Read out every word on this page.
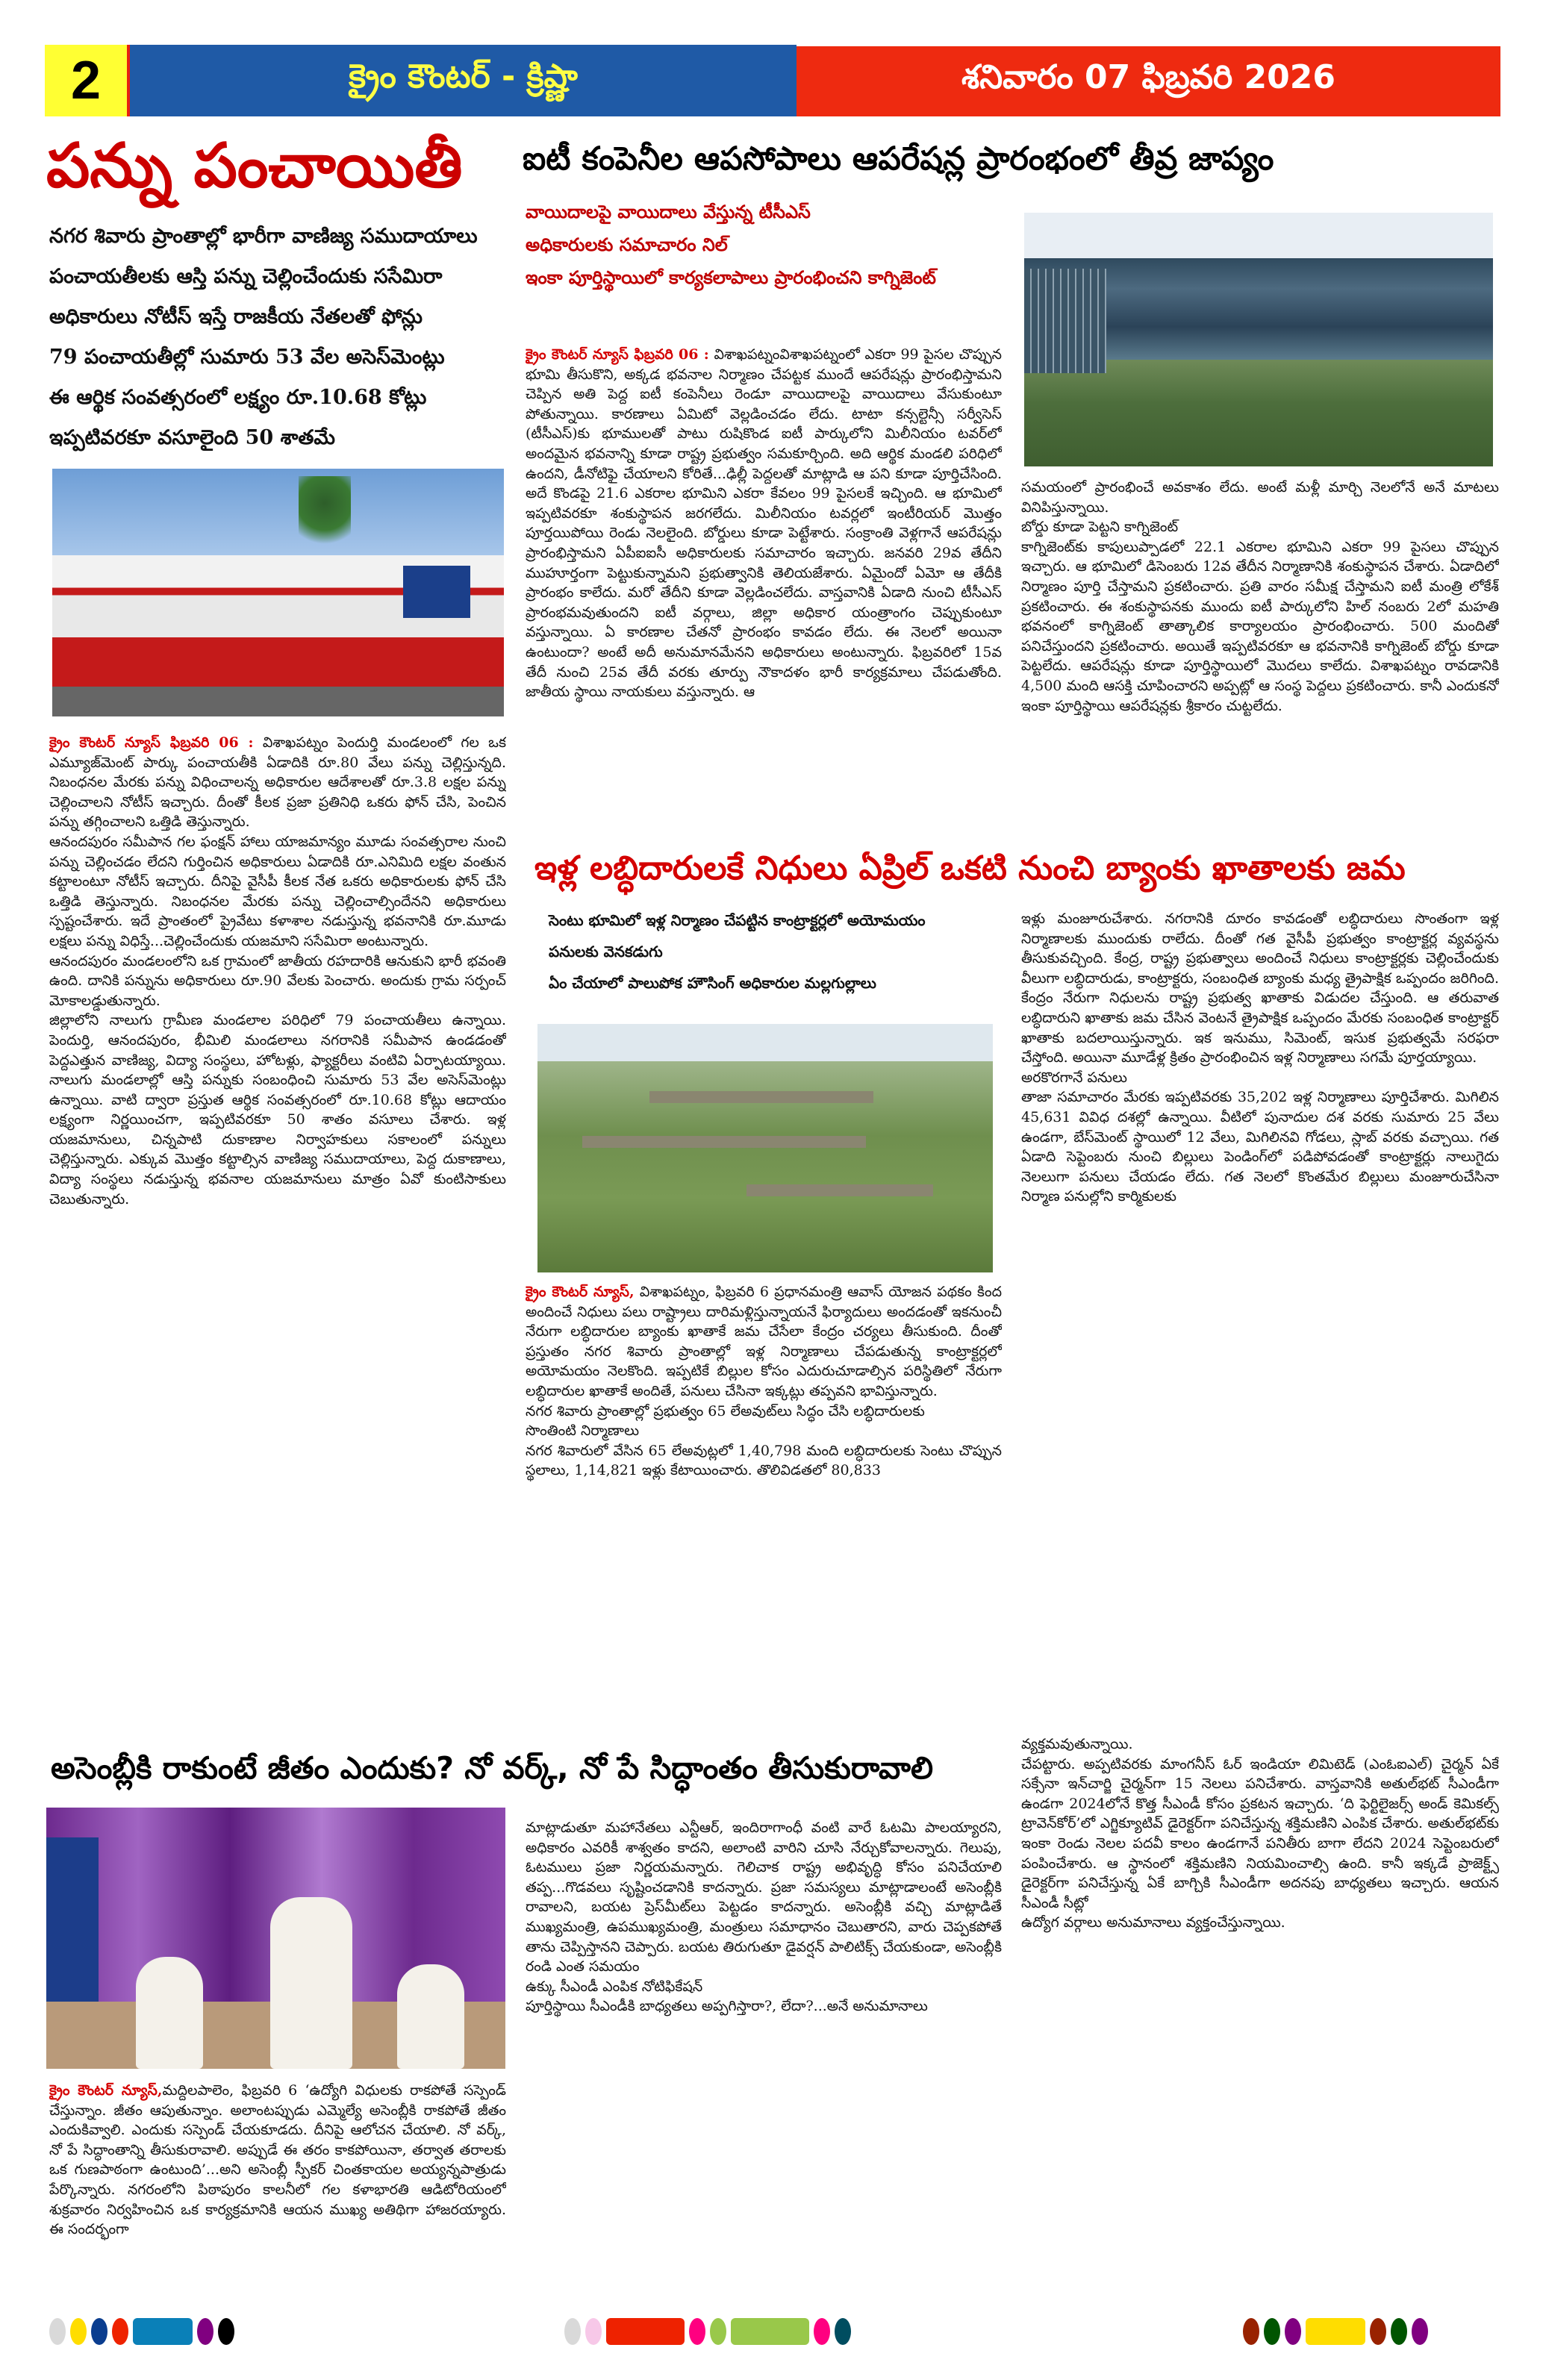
2	క్రైం కౌంటర్ - క్రిష్ణా	శనివారం 07 ఫిబ్రవరి 2026
పన్ను పంచాయితీ
నగర శివారు ప్రాంతాల్లో భారీగా వాణిజ్య సముదాయాలు
పంచాయతీలకు ఆస్తి పన్ను చెల్లించేందుకు ససేమిరా
అధికారులు నోటీస్ ఇస్తే రాజకీయ నేతలతో ఫోన్లు
79 పంచాయతీల్లో సుమారు 53 వేల అసెస్‌మెంట్లు
ఈ ఆర్థిక సంవత్సరంలో లక్ష్యం రూ.10.68 కోట్లు
ఇప్పటివరకూ వసూలైంది 50 శాతమే

క్రైం కౌంటర్ న్యూస్ ఫిబ్రవరి 06 : విశాఖపట్నం పెందుర్తి మండలంలో గల ఒక ఎమ్యూజ్‌మెంట్ పార్కు పంచాయతీకి ఏడాదికి రూ.80 వేలు పన్ను చెల్లిస్తున్నది. నిబంధనల మేరకు పన్ను విధించాలన్న అధికారుల ఆదేశాలతో రూ.3.8 లక్షల పన్ను చెల్లించాలని నోటీస్ ఇచ్చారు. దీంతో కీలక ప్రజా ప్రతినిధి ఒకరు ఫోన్ చేసి, పెంచిన పన్ను తగ్గించాలని ఒత్తిడి తెస్తున్నారు.

ఆనందపురం సమీపాన గల ఫంక్షన్ హాలు యాజమాన్యం మూడు సంవత్సరాల నుంచి పన్ను చెల్లించడం లేదని గుర్తించిన అధికారులు ఏడాదికి రూ.ఎనిమిది లక్షల వంతున కట్టాలంటూ నోటీస్ ఇచ్చారు. దీనిపై వైసీపీ కీలక నేత ఒకరు అధికారులకు ఫోన్ చేసి ఒత్తిడి తెస్తున్నారు. నిబంధనల మేరకు పన్ను చెల్లించాల్సిందేనని అధికారులు స్పష్టంచేశారు. ఇదే ప్రాంతంలో ప్రైవేటు కళాశాల నడుస్తున్న భవనానికి రూ.మూడు లక్షలు పన్ను విధిస్తే...చెల్లించేందుకు యజమాని ససేమిరా అంటున్నారు.

ఆనందపురం మండలంలోని ఒక గ్రామంలో జాతీయ రహదారికి ఆనుకుని భారీ భవంతి ఉంది. దానికి పన్నును అధికారులు రూ.90 వేలకు పెంచారు. అందుకు గ్రామ సర్పంచ్ మోకాలడ్డుతున్నారు.

జిల్లాలోని నాలుగు గ్రామీణ మండలాల పరిధిలో 79 పంచాయతీలు ఉన్నాయి. పెందుర్తి, ఆనందపురం, భీమిలి మండలాలు నగరానికి సమీపాన ఉండడంతో పెద్దఎత్తున వాణిజ్య, విద్యా సంస్థలు, హోటళ్లు, ఫ్యాక్టరీలు వంటివి ఏర్పాటయ్యాయి. నాలుగు మండలాల్లో ఆస్తి పన్నుకు సంబంధించి సుమారు 53 వేల అసెస్‌మెంట్లు ఉన్నాయి. వాటి ద్వారా ప్రస్తుత ఆర్థిక సంవత్సరంలో రూ.10.68 కోట్లు ఆదాయం లక్ష్యంగా నిర్ణయించగా, ఇప్పటివరకూ 50 శాతం వసూలు చేశారు. ఇళ్ల యజమానులు, చిన్నపాటి దుకాణాల నిర్వాహకులు సకాలంలో పన్నులు చెల్లిస్తున్నారు. ఎక్కువ మొత్తం కట్టాల్సిన వాణిజ్య సముదాయాలు, పెద్ద దుకాణాలు, విద్యా సంస్థలు నడుస్తున్న భవనాల యజమానులు మాత్రం ఏవో కుంటిసాకులు చెబుతున్నారు.

ఐటీ కంపెనీల ఆపసోపాలు ఆపరేషన్ల ప్రారంభంలో తీవ్ర జాప్యం
వాయిదాలపై వాయిదాలు వేస్తున్న టీసీఎస్
అధికారులకు సమాచారం నిల్
ఇంకా పూర్తిస్థాయిలో కార్యకలాపాలు ప్రారంభించని కాగ్నిజెంట్

క్రైం కౌంటర్ న్యూస్ ఫిబ్రవరి 06 : విశాఖపట్నంవిశాఖపట్నంలో ఎకరా 99 పైసల చొప్పున భూమి తీసుకొని, అక్కడ భవనాల నిర్మాణం చేపట్టక ముందే ఆపరేషన్లు ప్రారంభిస్తామని చెప్పిన అతి పెద్ద ఐటీ కంపెనీలు రెండూ వాయిదాలపై వాయిదాలు వేసుకుంటూ పోతున్నాయి. కారణాలు ఏమిటో వెల్లడించడం లేదు. టాటా కన్సల్టెన్సీ సర్వీసెస్ (టీసీఎస్)కు భూములతో పాటు రుషికొండ ఐటీ పార్కులోని మిలీనియం టవర్‌లో అందమైన భవనాన్ని కూడా రాష్ట్ర ప్రభుత్వం సమకూర్చింది. అది ఆర్థిక మండలి పరిధిలో ఉందని, డీనోటిఫై చేయాలని కోరితే...ఢిల్లీ పెద్దలతో మాట్లాడి ఆ పని కూడా పూర్తిచేసింది. అదే కొండపై 21.6 ఎకరాల భూమిని ఎకరా కేవలం 99 పైసలకే ఇచ్చింది. ఆ భూమిలో ఇప్పటివరకూ శంకుస్థాపన జరగలేదు. మిలీనియం టవర్లలో ఇంటీరియర్ మొత్తం పూర్తయిపోయి రెండు నెలలైంది. బోర్డులు కూడా పెట్టేశారు. సంక్రాంతి వెళ్లగానే ఆపరేషన్లు ప్రారంభిస్తామని ఏపీఐఐసీ అధికారులకు సమాచారం ఇచ్చారు. జనవరి 29వ తేదీని ముహూర్తంగా పెట్టుకున్నామని ప్రభుత్వానికి తెలియజేశారు. ఏమైందో ఏమో ఆ తేదీకి ప్రారంభం కాలేదు. మరో తేదీని కూడా వెల్లడించలేదు. వాస్తవానికి ఏడాది నుంచి టీసీఎస్ ప్రారంభమవుతుందని ఐటీ వర్గాలు, జిల్లా అధికార యంత్రాంగం చెప్పుకుంటూ వస్తున్నాయి. ఏ కారణాల చేతనో ప్రారంభం కావడం లేదు. ఈ నెలలో అయినా ఉంటుందా? అంటే అదీ అనుమానమేనని అధికారులు అంటున్నారు. ఫిబ్రవరిలో 15వ తేదీ నుంచి 25వ తేదీ వరకు తూర్పు నౌకాదళం భారీ కార్యక్రమాలు చేపడుతోంది. జాతీయ స్థాయి నాయకులు వస్తున్నారు. ఆ

సమయంలో ప్రారంభించే అవకాశం లేదు. అంటే మళ్లీ మార్చి నెలలోనే అనే మాటలు వినిపిస్తున్నాయి.

బోర్డు కూడా పెట్టని కాగ్నిజెంట్

కాగ్నిజెంట్‌కు కాపులుప్పాడలో 22.1 ఎకరాల భూమిని ఎకరా 99 పైసలు చొప్పున ఇచ్చారు. ఆ భూమిలో డిసెంబరు 12వ తేదీన నిర్మాణానికి శంకుస్థాపన చేశారు. ఏడాదిలో నిర్మాణం పూర్తి చేస్తామని ప్రకటించారు. ప్రతి వారం సమీక్ష చేస్తామని ఐటీ మంత్రి లోకేశ్ ప్రకటించారు. ఈ శంకుస్థాపనకు ముందు ఐటీ పార్కులోని హిల్ నంబరు 2లో మహతి భవనంలో కాగ్నిజెంట్ తాత్కాలిక కార్యాలయం ప్రారంభించారు. 500 మందితో పనిచేస్తుందని ప్రకటించారు. అయితే ఇప్పటివరకూ ఆ భవనానికి కాగ్నిజెంట్ బోర్డు కూడా పెట్టలేదు. ఆపరేషన్లు కూడా పూర్తిస్థాయిలో మొదలు కాలేదు. విశాఖపట్నం రావడానికి 4,500 మంది ఆసక్తి చూపించారని అప్పట్లో ఆ సంస్థ పెద్దలు ప్రకటించారు. కానీ ఎందుకనో ఇంకా పూర్తిస్థాయి ఆపరేషన్లకు శ్రీకారం చుట్టలేదు.

ఇళ్ల లబ్ధిదారులకే నిధులు ఏప్రిల్ ఒకటి నుంచి బ్యాంకు ఖాతాలకు జమ
సెంటు భూమిలో ఇళ్ల నిర్మాణం చేపట్టిన కాంట్రాక్టర్లలో అయోమయం
పనులకు వెనకడుగు
ఏం చేయాలో పాలుపోక హౌసింగ్ అధికారుల మల్లగుల్లాలు

క్రైం కౌంటర్ న్యూస్, విశాఖపట్నం, ఫిబ్రవరి 6 ప్రధానమంత్రి ఆవాస్ యోజన పథకం కింద అందించే నిధులు పలు రాష్ట్రాలు దారిమళ్లిస్తున్నాయనే ఫిర్యాదులు అందడంతో ఇకనుంచీ నేరుగా లబ్ధిదారుల బ్యాంకు ఖాతాకే జమ చేసేలా కేంద్రం చర్యలు తీసుకుంది. దీంతో ప్రస్తుతం నగర శివారు ప్రాంతాల్లో ఇళ్ల నిర్మాణాలు చేపడుతున్న కాంట్రాక్టర్లలో అయోమయం నెలకొంది. ఇప్పటికే బిల్లుల కోసం ఎదురుచూడాల్సిన పరిస్థితిలో నేరుగా లబ్ధిదారుల ఖాతాకే అందితే, పనులు చేసినా ఇక్కట్లు తప్పవని భావిస్తున్నారు.

నగర శివారు ప్రాంతాల్లో ప్రభుత్వం 65 లేఅవుట్‌లు సిద్ధం చేసి లబ్ధిదారులకు

సొంతింటి నిర్మాణాలు

నగర శివారులో వేసిన 65 లేఅవుట్లలో 1,40,798 మంది లబ్ధిదారులకు సెంటు చొప్పున స్థలాలు, 1,14,821 ఇళ్లు కేటాయించారు. తొలివిడతలో 80,833

ఇళ్లు మంజూరుచేశారు. నగరానికి దూరం కావడంతో లబ్ధిదారులు సొంతంగా ఇళ్ల నిర్మాణాలకు ముందుకు రాలేదు. దీంతో గత వైసీపీ ప్రభుత్వం కాంట్రాక్టర్ల వ్యవస్థను తీసుకువచ్చింది. కేంద్ర, రాష్ట్ర ప్రభుత్వాలు అందించే నిధులు కాంట్రాక్టర్లకు చెల్లించేందుకు వీలుగా లబ్ధిదారుడు, కాంట్రాక్టరు, సంబంధిత బ్యాంకు మధ్య త్రైపాక్షిక ఒప్పందం జరిగింది. కేంద్రం నేరుగా నిధులను రాష్ట్ర ప్రభుత్వ ఖాతాకు విడుదల చేస్తుంది. ఆ తరువాత లబ్ధిదారుని ఖాతాకు జమ చేసిన వెంటనే త్రైపాక్షిక ఒప్పందం మేరకు సంబంధిత కాంట్రాక్టర్ ఖాతాకు బదలాయిస్తున్నారు. ఇక ఇనుము, సిమెంట్, ఇసుక ప్రభుత్వమే సరఫరా చేస్తోంది. అయినా మూడేళ్ల క్రితం ప్రారంభించిన ఇళ్ల నిర్మాణాలు సగమే పూర్తయ్యాయి.

అరకొరగానే పనులు

తాజా సమాచారం మేరకు ఇప్పటివరకు 35,202 ఇళ్ల నిర్మాణాలు పూర్తిచేశారు. మిగిలిన 45,631 వివిధ దశల్లో ఉన్నాయి. వీటిలో పునాదుల దశ వరకు సుమారు 25 వేలు ఉండగా, బేస్‌మెంట్ స్థాయిలో 12 వేలు, మిగిలినవి గోడలు, స్లాబ్ వరకు వచ్చాయి. గత ఏడాది సెప్టెంబరు నుంచి బిల్లులు పెండింగ్‌లో పడిపోవడంతో కాంట్రాక్టర్లు నాలుగైదు నెలలుగా పనులు చేయడం లేదు. గత నెలలో కొంతమేర బిల్లులు మంజూరుచేసినా నిర్మాణ పనుల్లోని కార్మికులకు

అసెంబ్లీకి రాకుంటే జీతం ఎందుకు? నో వర్క్, నో పే సిద్ధాంతం తీసుకురావాలి

క్రైం కౌంటర్ న్యూస్,మద్దిలపాలెం, ఫిబ్రవరి 6 ‘ఉద్యోగి విధులకు రాకపోతే సస్పెండ్ చేస్తున్నాం. జీతం ఆపుతున్నాం. అలాంటప్పుడు ఎమ్మెల్యే అసెంబ్లీకి రాకపోతే జీతం ఎందుకివ్వాలి. ఎందుకు సస్పెండ్ చేయకూడదు. దీనిపై ఆలోచన చేయాలి. నో వర్క్, నో పే సిద్ధాంతాన్ని తీసుకురావాలి. అప్పుడే ఈ తరం కాకపోయినా, తర్వాత తరాలకు ఒక గుణపాఠంగా ఉంటుంది’...అని అసెంబ్లీ స్పీకర్ చింతకాయల అయ్యన్నపాత్రుడు పేర్కొన్నారు. నగరంలోని పిఠాపురం కాలనీలో గల కళాభారతి ఆడిటోరియంలో శుక్రవారం నిర్వహించిన ఒక కార్యక్రమానికి ఆయన ముఖ్య అతిథిగా హాజరయ్యారు. ఈ సందర్భంగా

మాట్లాడుతూ మహానేతలు ఎన్టీఆర్, ఇందిరాగాంధీ వంటి వారే ఓటమి పాలయ్యారని, అధికారం ఎవరికీ శాశ్వతం కాదని, అలాంటి వారిని చూసి నేర్చుకోవాలన్నారు. గెలుపు, ఓటములు ప్రజా నిర్ణయమన్నారు. గెలిచాక రాష్ట్ర అభివృద్ధి కోసం పనిచేయాలి తప్ప...గొడవలు సృష్టించడానికి కాదన్నారు. ప్రజా సమస్యలు మాట్లాడాలంటే అసెంబ్లీకి రావాలని, బయట ప్రెస్‌మీట్‌లు పెట్టడం కాదన్నారు. అసెంబ్లీకి వచ్చి మాట్లాడితే ముఖ్యమంత్రి, ఉపముఖ్యమంత్రి, మంత్రులు సమాధానం చెబుతారని, వారు చెప్పకపోతే తాను చెప్పిస్తానని చెప్పారు. బయట తిరుగుతూ డైవర్షన్ పాలిటిక్స్ చేయకుండా, అసెంబ్లీకి రండి ఎంత సమయం

ఉక్కు సీఎండీ ఎంపిక నోటిఫికేషన్

పూర్తిస్థాయి సీఎండీకి బాధ్యతలు అప్పగిస్తారా?, లేదా?...అనే అనుమానాలు

వ్యక్తమవుతున్నాయి.

చేపట్టారు. అప్పటివరకు మాంగనీస్ ఓర్ ఇండియా లిమిటెడ్ (ఎంఓఐఎల్) చైర్మన్ ఏకే సక్సేనా ఇన్‌చార్జి చైర్మన్‌గా 15 నెలలు పనిచేశారు. వాస్తవానికి అతుల్‌భట్ సీఎండీగా ఉండగా 2024లోనే కొత్త సీఎండీ కోసం ప్రకటన ఇచ్చారు. ‘ది ఫెర్టిలైజర్స్ అండ్ కెమికల్స్ ట్రావెన్‌కోర్’లో ఎగ్జిక్యూటివ్ డైరెక్టర్‌గా పనిచేస్తున్న శక్తిమణిని ఎంపిక చేశారు. అతుల్‌భట్‌కు ఇంకా రెండు నెలల పదవీ కాలం ఉండగానే పనితీరు బాగా లేదని 2024 సెప్టెంబరులో పంపించేశారు. ఆ స్థానంలో శక్తిమణిని నియమించాల్సి ఉంది. కానీ ఇక్కడే ప్రాజెక్ట్స్ డైరెక్టర్‌గా పనిచేస్తున్న ఏకే బాగ్చికి సీఎండీగా అదనపు బాధ్యతలు ఇచ్చారు. ఆయన సీఎండీ సీట్లో

ఉద్యోగ వర్గాలు అనుమానాలు వ్యక్తంచేస్తున్నాయి.
